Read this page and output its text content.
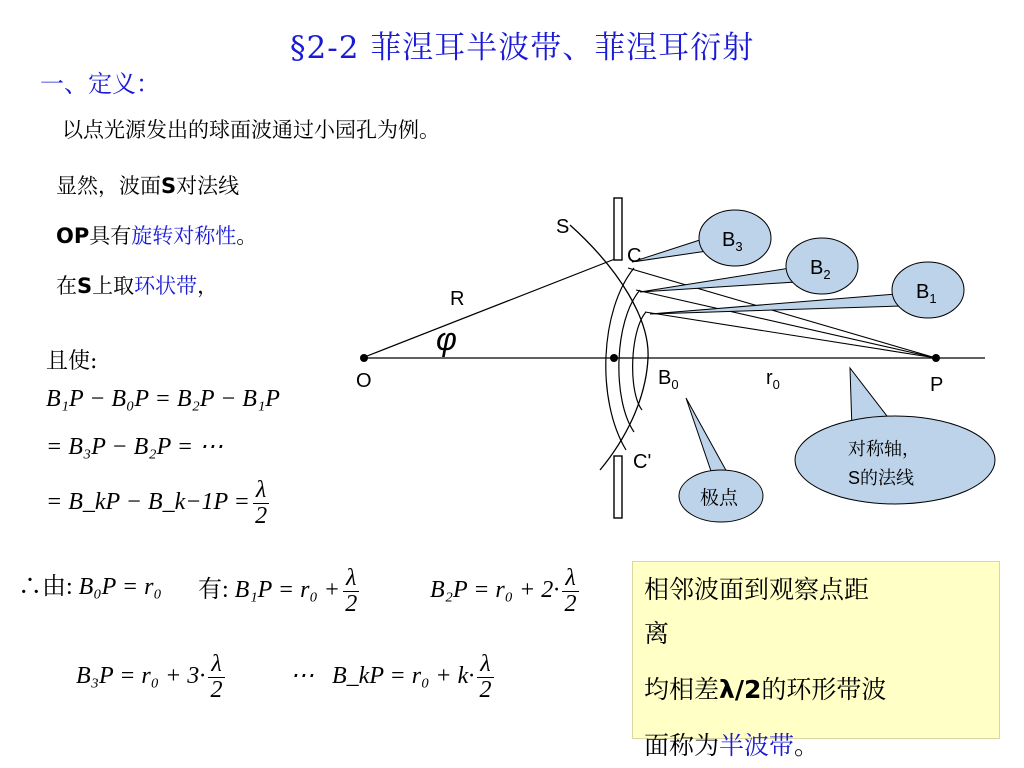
§2-2 菲涅耳半波带、菲涅耳衍射
一、定义：
以点光源发出的球面波通过小园孔为例。
显然，波面S对法线
OP具有旋转对称性。
在S上取环状带，
且使:
B₁P − B₀P = B₂P − B₁P
= B₃P − B₂P = ⋯
= B_kP − B_k−1P = $\frac{\lambda}{2}$
∴由: B₀P = r₀ 有: $B_1P = r_0 + \frac{\lambda}{2}$	$B_2P = r_0 + 2\cdot \frac{\lambda}{2}$
$B_3P = r_0 + 3\cdot \frac{\lambda}{2}$	⋯ B_kP = $r_0 + k\cdot \frac{\lambda}{2}$
S
C
C'
R
φ
O	$B_0$	$r_0$	P
$B_3$
$B_2$
$B_1$
极点
对称轴，
S的法线
相邻波面到观察点距
离
均相差λ/2的环形带波
面称为半波带。
